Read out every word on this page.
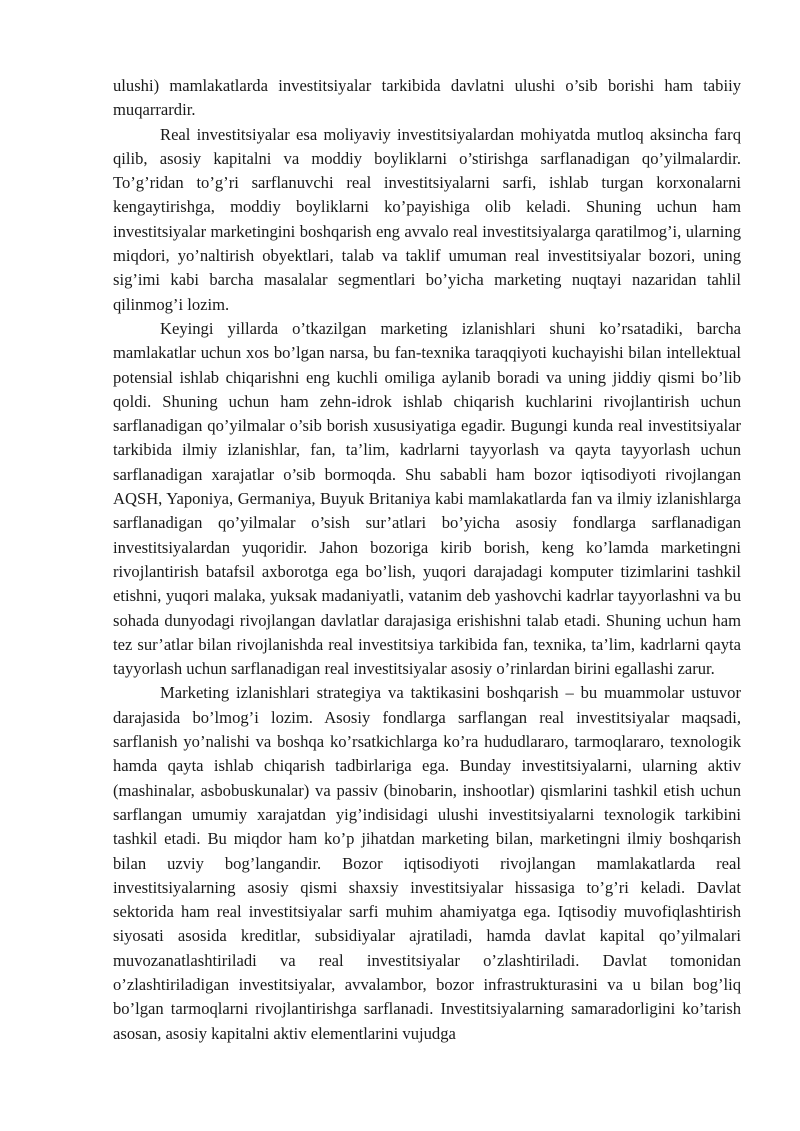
ulushi) mamlakatlarda investitsiyalar tarkibida davlatni ulushi o’sib borishi ham tabiiy muqarrardir.

Real investitsiyalar esa moliyaviy investitsiyalardan mohiyatda mutloq aksincha farq qilib, asosiy kapitalni va moddiy boyliklarni o’stirishga sarflanadigan qo’yilmalardir. To’g’ridan to’g’ri sarflanuvchi real investitsiyalarni sarfi, ishlab turgan korxonalarni kengaytirishga, moddiy boyliklarni ko’payishiga olib keladi. Shuning uchun ham investitsiyalar marketingini boshqarish eng avvalo real investitsiyalarga qaratilmog’i, ularning miqdori, yo’naltirish obyektlari, talab va taklif umuman real investitsiyalar bozori, uning sig’imi kabi barcha masalalar segmentlari bo’yicha marketing nuqtayi nazaridan tahlil qilinmog’i lozim.

Keyingi yillarda o’tkazilgan marketing izlanishlari shuni ko’rsatadiki, barcha mamlakatlar uchun xos bo’lgan narsa, bu fan-texnika taraqqiyoti kuchayishi bilan intellektual potensial ishlab chiqarishni eng kuchli omiliga aylanib boradi va uning jiddiy qismi bo’lib qoldi. Shuning uchun ham zehn-idrok ishlab chiqarish kuchlarini rivojlantirish uchun sarflanadigan qo’yilmalar o’sib borish xususiyatiga egadir. Bugungi kunda real investitsiyalar tarkibida ilmiy izlanishlar, fan, ta’lim, kadrlarni tayyorlash va qayta tayyorlash uchun sarflanadigan xarajatlar o’sib bormoqda. Shu sababli ham bozor iqtisodiyoti rivojlangan AQSH, Yaponiya, Germaniya, Buyuk Britaniya kabi mamlakatlarda fan va ilmiy izlanishlarga sarflanadigan qo’yilmalar o’sish sur’atlari bo’yicha asosiy fondlarga sarflanadigan investitsiyalardan yuqoridir. Jahon bozoriga kirib borish, keng ko’lamda marketingni rivojlantirish batafsil axborotga ega bo’lish, yuqori darajadagi komputer tizimlarini tashkil etishni, yuqori malaka, yuksak madaniyatli, vatanim deb yashovchi kadrlar tayyorlashni va bu sohada dunyodagi rivojlangan davlatlar darajasiga erishishni talab etadi. Shuning uchun ham tez sur’atlar bilan rivojlanishda real investitsiya tarkibida fan, texnika, ta’lim, kadrlarni qayta tayyorlash uchun sarflanadigan real investitsiyalar asosiy o’rinlardan birini egallashi zarur.

Marketing izlanishlari strategiya va taktikasini boshqarish – bu muammolar ustuvor darajasida bo’lmog’i lozim. Asosiy fondlarga sarflangan real investitsiyalar maqsadi, sarflanish yo’nalishi va boshqa ko’rsatkichlarga ko’ra hududlararo, tarmoqlararo, texnologik hamda qayta ishlab chiqarish tadbirlariga ega. Bunday investitsiyalarni, ularning aktiv (mashinalar, asbobuskunalar) va passiv (binobarin, inshootlar) qismlarini tashkil etish uchun sarflangan umumiy xarajatdan yig’indisidagi ulushi investitsiyalarni texnologik tarkibini tashkil etadi. Bu miqdor ham ko’p jihatdan marketing bilan, marketingni ilmiy boshqarish bilan uzviy bog’langandir. Bozor iqtisodiyoti rivojlangan mamlakatlarda real investitsiyalarning asosiy qismi shaxsiy investitsiyalar hissasiga to’g’ri keladi. Davlat sektorida ham real investitsiyalar sarfi muhim ahamiyatga ega. Iqtisodiy muvofiqlashtirish siyosati asosida kreditlar, subsidiyalar ajratiladi, hamda davlat kapital qo’yilmalari muvozanatlashtiriladi va real investitsiyalar o’zlashtiriladi. Davlat tomonidan o’zlashtiriladigan investitsiyalar, avvalambor, bozor infrastrukturasini va u bilan bog’liq bo’lgan tarmoqlarni rivojlantirishga sarflanadi. Investitsiyalarning samaradorligini ko’tarish asosan, asosiy kapitalni aktiv elementlarini vujudga
